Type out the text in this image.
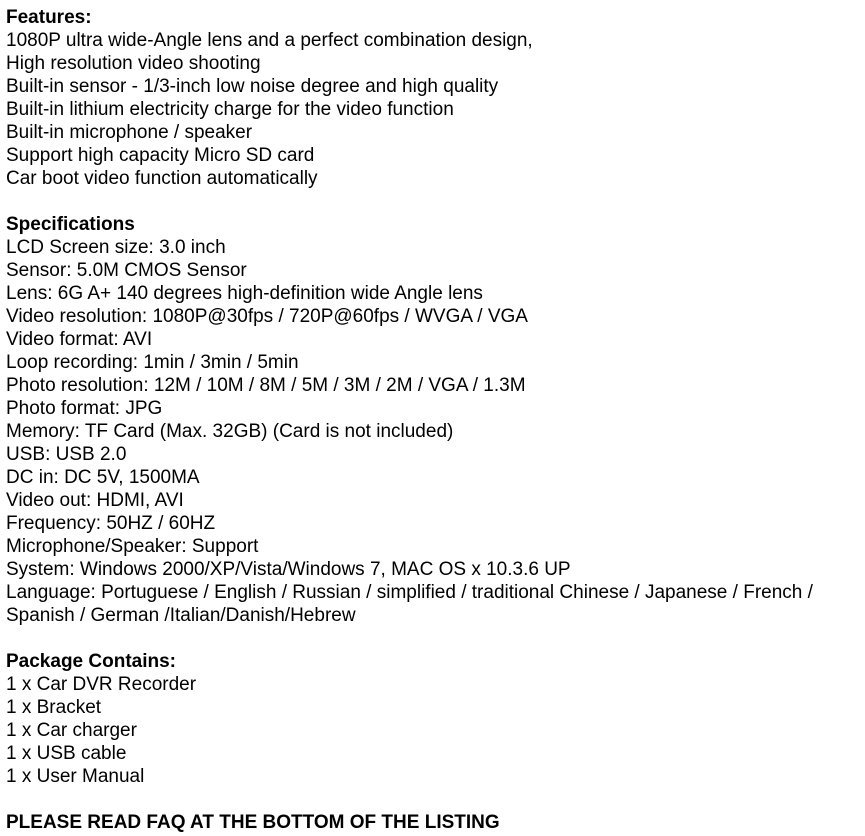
Features:
1080P ultra wide-Angle lens and a perfect combination design,
High resolution video shooting
Built-in sensor - 1/3-inch low noise degree and high quality
Built-in lithium electricity charge for the video function
Built-in microphone / speaker
Support high capacity Micro SD card
Car boot video function automatically
Specifications
LCD Screen size: 3.0 inch
Sensor: 5.0M CMOS Sensor
Lens: 6G A+ 140 degrees high-definition wide Angle lens
Video resolution: 1080P@30fps / 720P@60fps / WVGA / VGA
Video format: AVI
Loop recording: 1min / 3min / 5min
Photo resolution: 12M / 10M / 8M / 5M / 3M / 2M / VGA / 1.3M
Photo format: JPG
Memory: TF Card (Max. 32GB) (Card is not included)
USB: USB 2.0
DC in: DC 5V, 1500MA
Video out: HDMI, AVI
Frequency: 50HZ / 60HZ
Microphone/Speaker: Support
System: Windows 2000/XP/Vista/Windows 7, MAC OS x 10.3.6 UP
Language: Portuguese / English / Russian / simplified / traditional Chinese / Japanese / French /
Spanish / German /Italian/Danish/Hebrew
Package Contains:
1 x Car DVR Recorder
1 x Bracket
1 x Car charger
1 x USB cable
1 x User Manual
PLEASE READ FAQ AT THE BOTTOM OF THE LISTING
